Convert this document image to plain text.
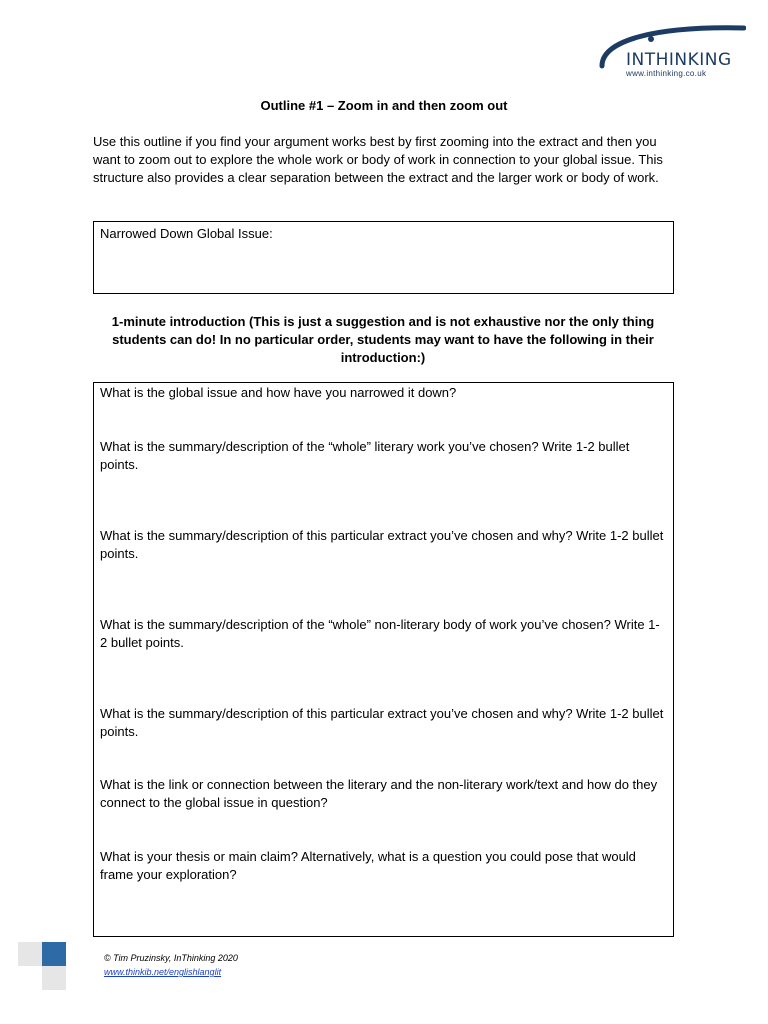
INTHINKING
www.inthinking.co.uk
Outline #1 – Zoom in and then zoom out
Use this outline if you find your argument works best by first zooming into the extract and then you want to zoom out to explore the whole work or body of work in connection to your global issue. This structure also provides a clear separation between the extract and the larger work or body of work.
Narrowed Down Global Issue:
1-minute introduction (This is just a suggestion and is not exhaustive nor the only thing students can do! In no particular order, students may want to have the following in their introduction:)
What is the global issue and how have you narrowed it down?
What is the summary/description of the “whole” literary work you’ve chosen? Write 1-2 bullet points.
What is the summary/description of this particular extract you’ve chosen and why? Write 1-2 bullet points.
What is the summary/description of the “whole” non-literary body of work you’ve chosen? Write 1-2 bullet points.
What is the summary/description of this particular extract you’ve chosen and why? Write 1-2 bullet points.
What is the link or connection between the literary and the non-literary work/text and how do they connect to the global issue in question?
What is your thesis or main claim? Alternatively, what is a question you could pose that would frame your exploration?
© Tim Pruzinsky, InThinking 2020
www.thinkib.net/englishlanglit
